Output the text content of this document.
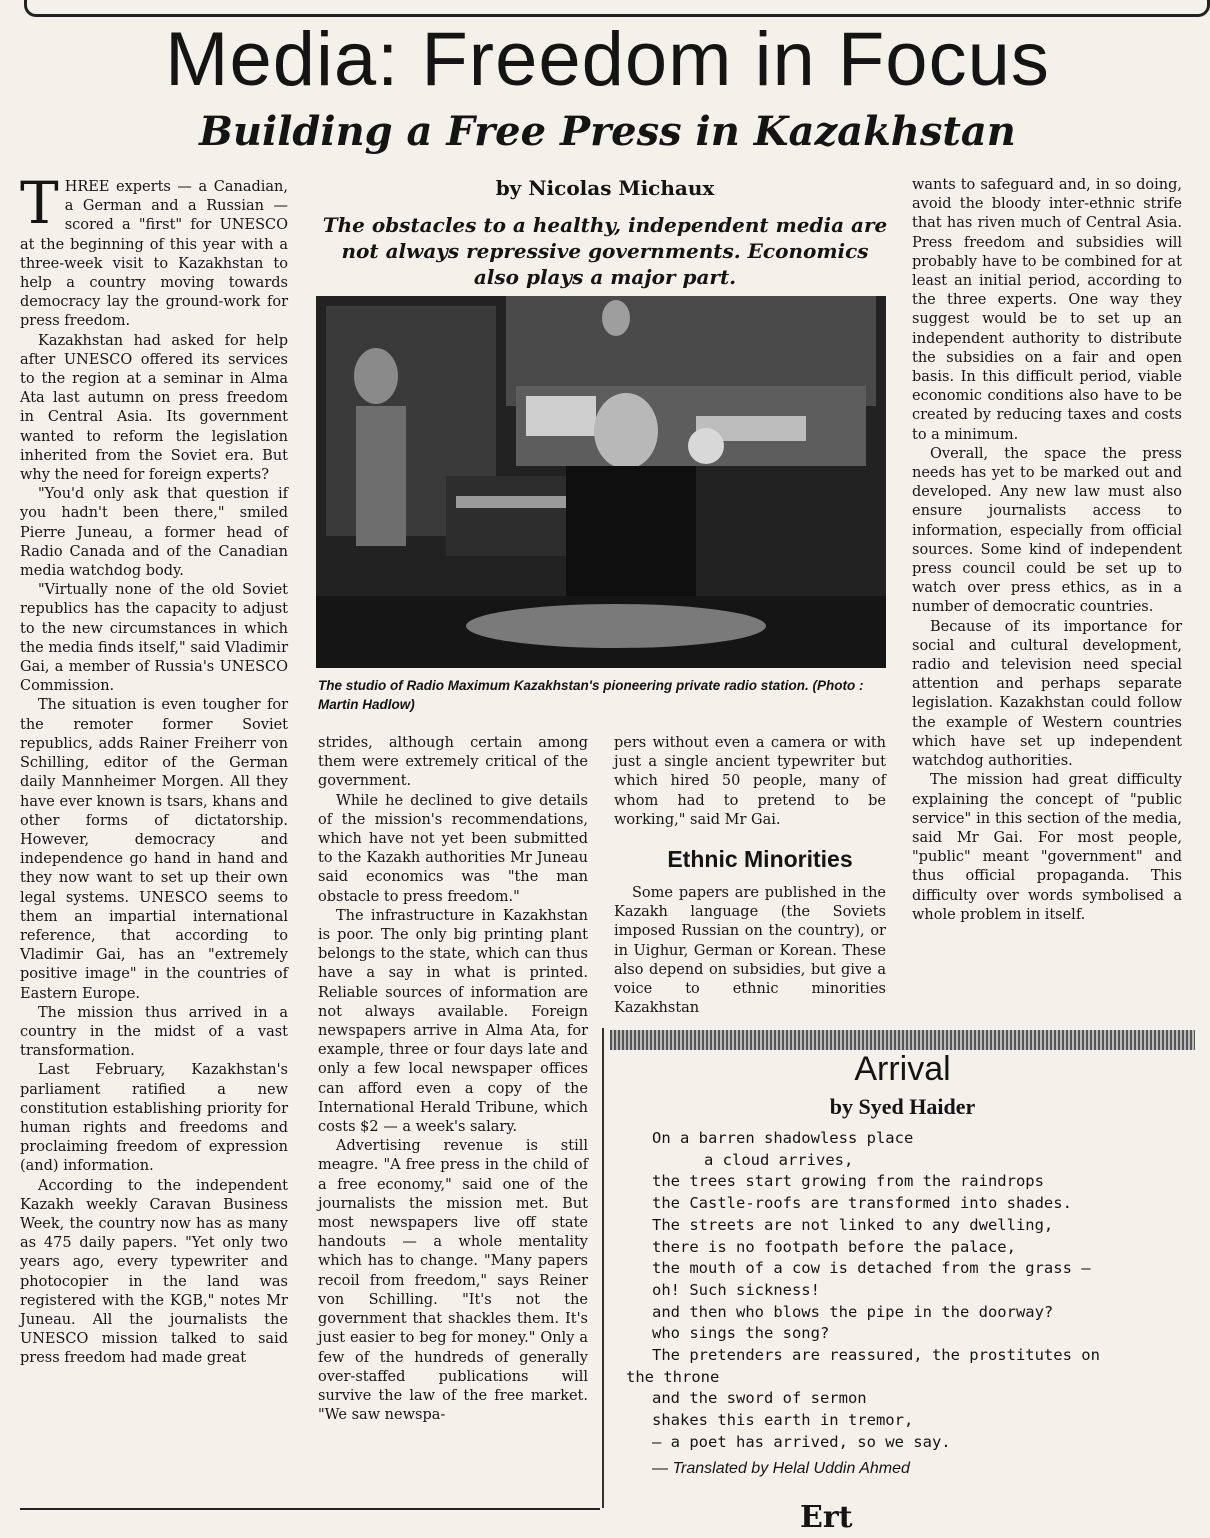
Media: Freedom in Focus
Building a Free Press in Kazakhstan

THREE experts — a Canadian, a German and a Russian — scored a "first" for UNESCO at the beginning of this year with a three-week visit to Kazakhstan to help a country moving towards democracy lay the ground-work for press freedom.

Kazakhstan had asked for help after UNESCO offered its services to the region at a seminar in Alma Ata last autumn on press freedom in Central Asia. Its government wanted to reform the legislation inherited from the Soviet era. But why the need for foreign experts?

"You'd only ask that question if you hadn't been there," smiled Pierre Juneau, a former head of Radio Canada and of the Canadian media watchdog body.

"Virtually none of the old Soviet republics has the capacity to adjust to the new circumstances in which the media finds itself," said Vladimir Gai, a member of Russia's UNESCO Commission.

The situation is even tougher for the remoter former Soviet republics, adds Rainer Freiherr von Schilling, editor of the German daily Mannheimer Morgen. All they have ever known is tsars, khans and other forms of dictatorship. However, democracy and independence go hand in hand and they now want to set up their own legal systems. UNESCO seems to them an impartial international reference, that according to Vladimir Gai, has an "extremely positive image" in the countries of Eastern Europe.

The mission thus arrived in a country in the midst of a vast transformation.

Last February, Kazakhstan's parliament ratified a new constitution establishing priority for human rights and freedoms and proclaiming freedom of expression (and) information.

According to the independent Kazakh weekly Caravan Business Week, the country now has as many as 475 daily papers. "Yet only two years ago, every typewriter and photocopier in the land was registered with the KGB," notes Mr Juneau. All the journalists the UNESCO mission talked to said press freedom had made great

by Nicolas Michaux
The obstacles to a healthy, independent media are not always repressive governments. Economics also plays a major part.
The studio of Radio Maximum Kazakhstan's pioneering private radio station. (Photo : Martin Hadlow)

strides, although certain among them were extremely critical of the government.

While he declined to give details of the mission's recommendations, which have not yet been submitted to the Kazakh authorities Mr Juneau said economics was "the man obstacle to press freedom."

The infrastructure in Kazakhstan is poor. The only big printing plant belongs to the state, which can thus have a say in what is printed. Reliable sources of information are not always available. Foreign newspapers arrive in Alma Ata, for example, three or four days late and only a few local newspaper offices can afford even a copy of the International Herald Tribune, which costs $2 — a week's salary.

Advertising revenue is still meagre. "A free press in the child of a free economy," said one of the journalists the mission met. But most newspapers live off state handouts — a whole mentality which has to change. "Many papers recoil from freedom," says Reiner von Schilling. "It's not the government that shackles them. It's just easier to beg for money." Only a few of the hundreds of generally over-staffed publications will survive the law of the free market. "We saw newspa-

pers without even a camera or with just a single ancient typewriter but which hired 50 people, many of whom had to pretend to be working," said Mr Gai.

Ethnic Minorities

Some papers are published in the Kazakh language (the Soviets imposed Russian on the country), or in Uighur, German or Korean. These also depend on subsidies, but give a voice to ethnic minorities Kazakhstan

wants to safeguard and, in so doing, avoid the bloody inter-ethnic strife that has riven much of Central Asia. Press freedom and subsidies will probably have to be combined for at least an initial period, according to the three experts. One way they suggest would be to set up an independent authority to distribute the subsidies on a fair and open basis. In this difficult period, viable economic conditions also have to be created by reducing taxes and costs to a minimum.

Overall, the space the press needs has yet to be marked out and developed. Any new law must also ensure journalists access to information, especially from official sources. Some kind of independent press council could be set up to watch over press ethics, as in a number of democratic countries.

Because of its importance for social and cultural development, radio and television need special attention and perhaps separate legislation. Kazakhstan could follow the example of Western countries which have set up independent watchdog authorities.

The mission had great difficulty explaining the concept of "public service" in this section of the media, said Mr Gai. For most people, "public" meant "government" and thus official propaganda. This difficulty over words symbolised a whole problem in itself.

Arrival
by Syed Haider
On a barren shadowless place
a cloud arrives,
the trees start growing from the raindrops
the Castle-roofs are transformed into shades.
The streets are not linked to any dwelling,
there is no footpath before the palace,
the mouth of a cow is detached from the grass —
oh! Such sickness!
and then who blows the pipe in the doorway?
who sings the song?
The pretenders are reassured, the prostitutes on
the throne
and the sword of sermon
shakes this earth in tremor,
— a poet has arrived, so we say.
— Translated by Helal Uddin Ahmed
Ert
